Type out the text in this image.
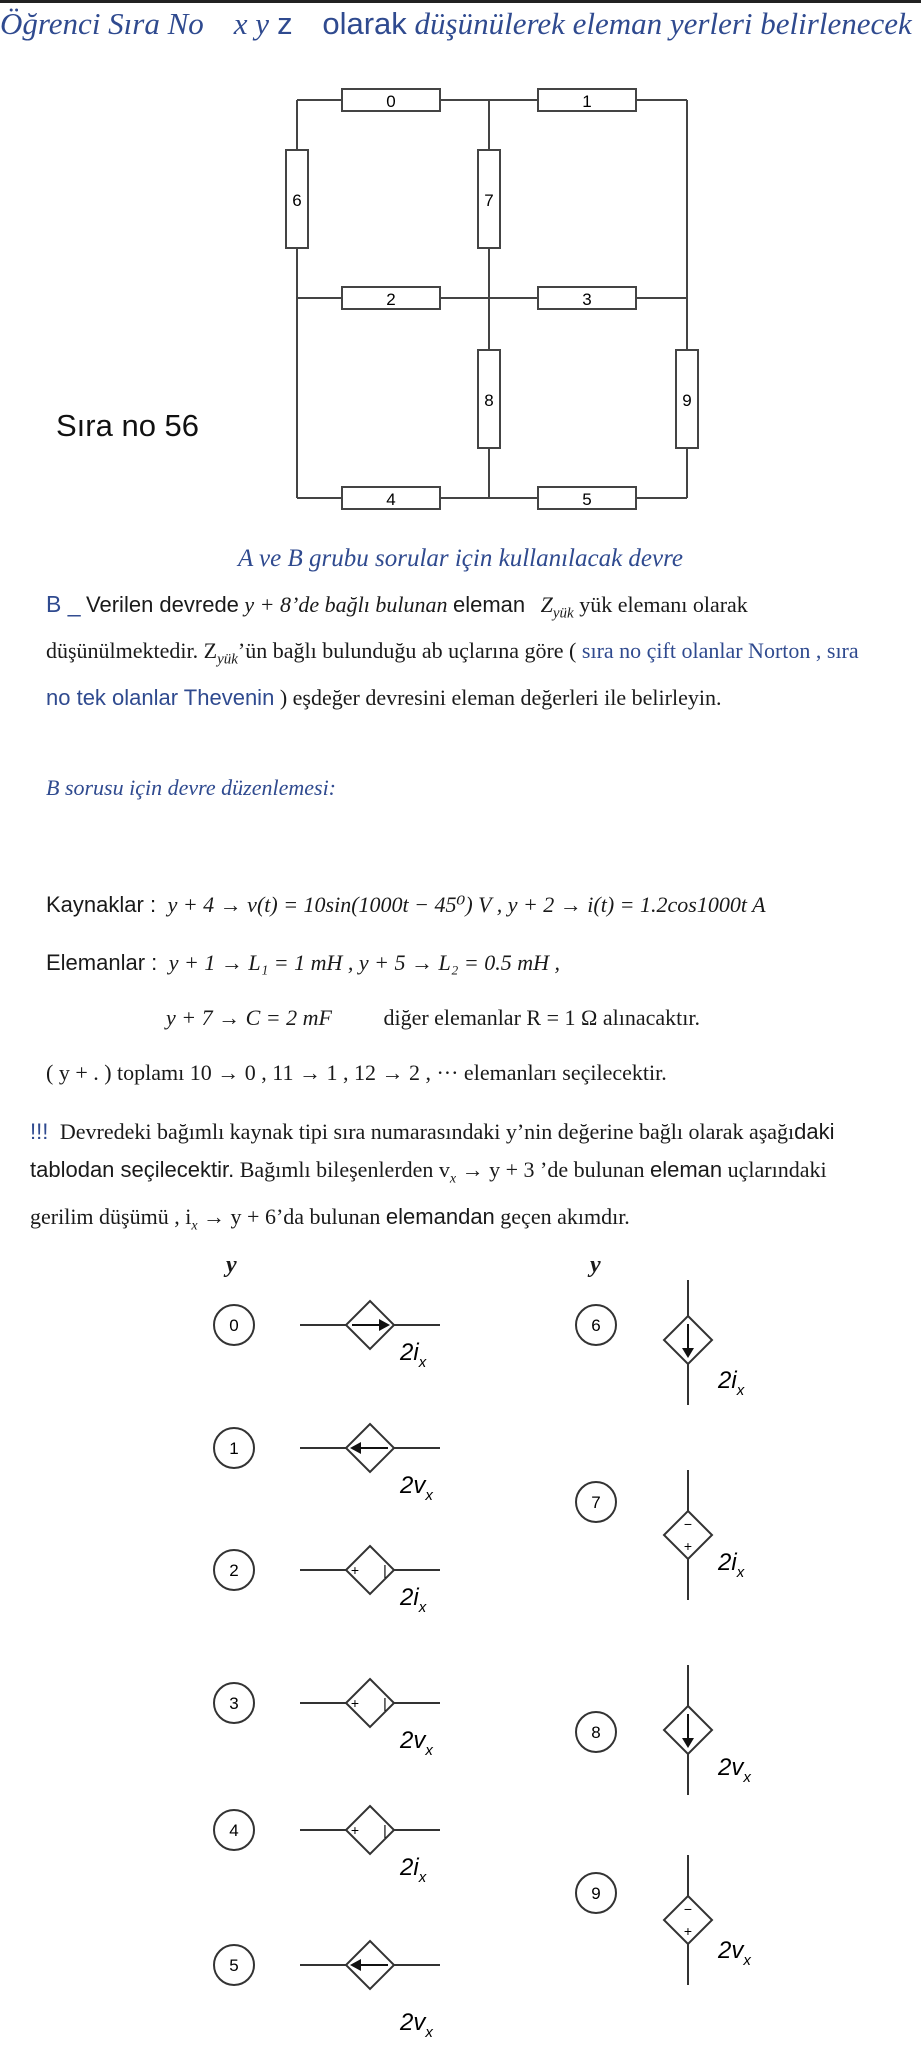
Öğrenci Sıra No x y z olarak düşünülerek eleman yerleri belirlenecek
0	1
6	7
2	3
8	9
4	5
Sıra no 56
A ve B grubu sorular için kullanılacak devre
B _ Verilen devrede y + 8’de bağlı bulunan eleman $Z_{yük}$ yük elemanı olarak
düşünülmektedir. $Z_{yük}’ün$ bağlı bulunduğu ab uçlarına göre ( sıra no çift olanlar Norton , sıra
no tek olanlar Thevenin ) eşdeğer devresini eleman değerleri ile belirleyin.
B sorusu için devre düzenlemesi:
Kaynaklar : y + 4 → v(t) = 10sin(1000t − 45⁰) V , y + 2 → i(t) = 1.2cos1000t A
Elemanlar : y + 1 → L₁ = 1 mH , y + 5 → L₂ = 0.5 mH ,
y + 7 → C = 2 mF diğer elemanlar R = 1 Ω alınacaktır.
( y + . ) toplamı 10 → 0 , 11 → 1 , 12 → 2 , ··· elemanları seçilecektir.
!!! Devredeki bağımlı kaynak tipi sıra numarasındaki y’nin değerine bağlı olarak aşağıdaki
tablodan seçilecektir. Bağımlı bileşenlerden $v_x \to y + 3$ ’de bulunan eleman uçlarındaki
gerilim düşümü , $i_x \to y$ + 6’da bulunan elemandan geçen akımdır.
y	y
0
$2i_x$
1
$2v_x$
2	+ |
$2i_x$
3	+ |
$2v_x$
4	+ |
$2i_x$
5
$2v_x$
6
$2i_x$
7
−
+
$2i_x$
8
$2v_x$
9
−
+
$2v_x$
